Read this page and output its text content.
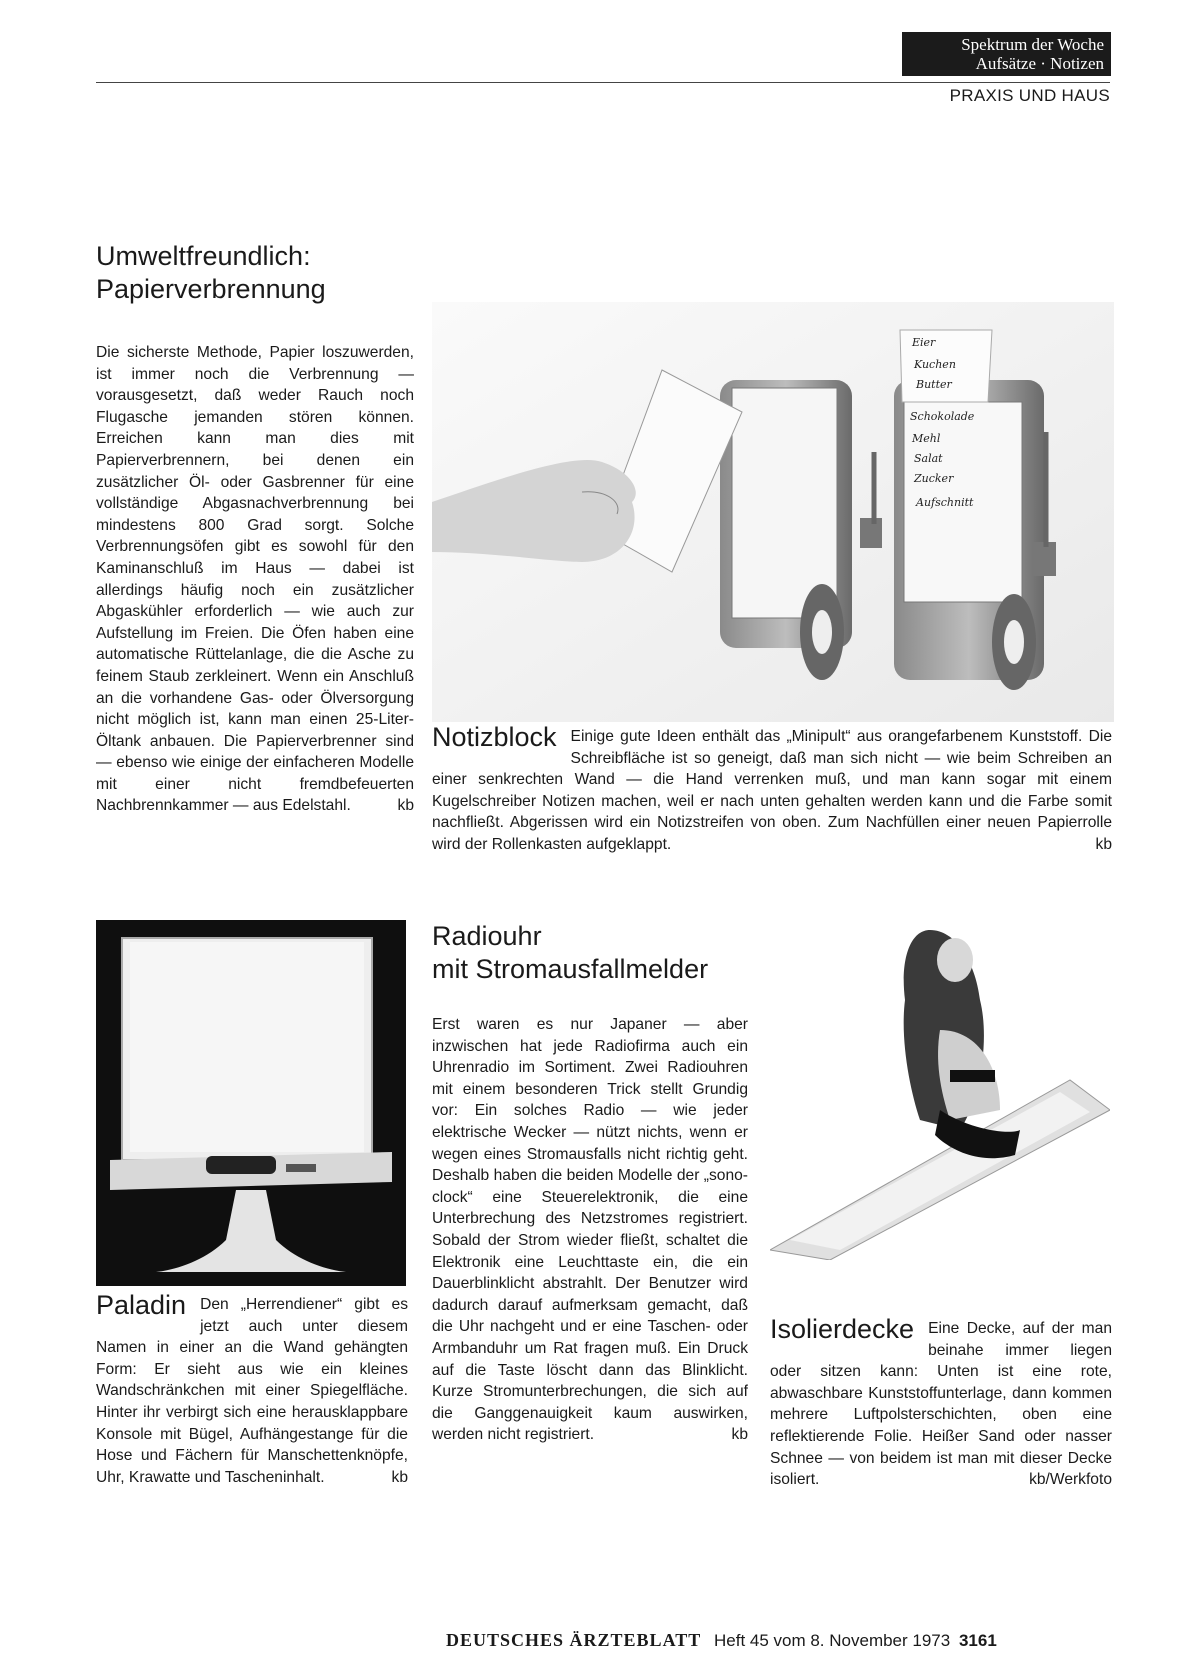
Spektrum der Woche
Aufsätze · Notizen
PRAXIS UND HAUS
Umweltfreundlich:
Papierverbrennung
Die sicherste Methode, Papier loszuwerden, ist immer noch die Verbrennung — vorausgesetzt, daß weder Rauch noch Flugasche jemanden stören können. Erreichen kann man dies mit Papierverbrennern, bei denen ein zusätzlicher Öl- oder Gasbrenner für eine vollständige Abgasnachverbrennung bei mindestens 800 Grad sorgt. Solche Verbrennungsöfen gibt es sowohl für den Kaminanschluß im Haus — dabei ist allerdings häufig noch ein zusätzlicher Abgaskühler erforderlich — wie auch zur Aufstellung im Freien. Die Öfen haben eine automatische Rüttelanlage, die die Asche zu feinem Staub zerkleinert. Wenn ein Anschluß an die vorhandene Gas- oder Ölversorgung nicht möglich ist, kann man einen 25-Liter-Öltank anbauen. Die Papierverbrenner sind — ebenso wie einige der einfacheren Modelle mit einer nicht fremdbefeuerten Nachbrennkammer — aus Edelstahl.	kb
Eier
Kuchen
Butter
Schokolade
Mehl
Salat
Zucker
Aufschnitt
Notizblock Einige gute Ideen enthält das „Minipult“ aus orangefarbenem Kunststoff. Die Schreibfläche ist so geneigt, daß man sich nicht — wie beim Schreiben an einer senkrechten Wand — die Hand verrenken muß, und man kann sogar mit einem Kugelschreiber Notizen machen, weil er nach unten gehalten werden kann und die Farbe somit nachfließt. Abgerissen wird ein Notizstreifen von oben. Zum Nachfüllen einer neuen Papierrolle wird der Rollenkasten aufgeklappt.	kb
Paladin Den „Herrendiener“ gibt es jetzt auch unter diesem Namen in einer an die Wand gehängten Form: Er sieht aus wie ein kleines Wandschränkchen mit einer Spiegelfläche. Hinter ihr verbirgt sich eine herausklappbare Konsole mit Bügel, Aufhängestange für die Hose und Fächern für Manschettenknöpfe, Uhr, Krawatte und Tascheninhalt.	kb
Radiouhr
mit Stromausfallmelder
Erst waren es nur Japaner — aber inzwischen hat jede Radiofirma auch ein Uhrenradio im Sortiment. Zwei Radiouhren mit einem besonderen Trick stellt Grundig vor: Ein solches Radio — wie jeder elektrische Wecker — nützt nichts, wenn er wegen eines Stromausfalls nicht richtig geht. Deshalb haben die beiden Modelle der „sono-clock“ eine Steuerelektronik, die eine Unterbrechung des Netzstromes registriert. Sobald der Strom wieder fließt, schaltet die Elektronik eine Leuchttaste ein, die ein Dauerblinklicht abstrahlt. Der Benutzer wird dadurch darauf aufmerksam gemacht, daß die Uhr nachgeht und er eine Taschen- oder Armbanduhr um Rat fragen muß. Ein Druck auf die Taste löscht dann das Blinklicht. Kurze Stromunterbrechungen, die sich auf die Ganggenauigkeit kaum auswirken, werden nicht registriert.	kb
Isolierdecke Eine Decke, auf der man beinahe immer liegen oder sitzen kann: Unten ist eine rote, abwaschbare Kunststoffunterlage, dann kommen mehrere Luftpolsterschichten, oben eine reflektierende Folie. Heißer Sand oder nasser Schnee — von beidem ist man mit dieser Decke isoliert.	kb/Werkfoto
DEUTSCHES ÄRZTEBLATT Heft 45 vom 8. November 1973 3161
